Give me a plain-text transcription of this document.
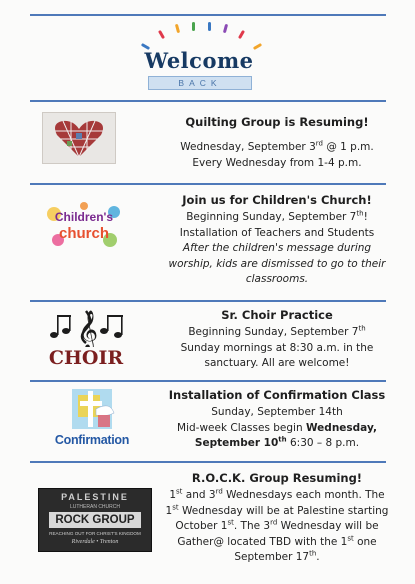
Welcome
BACK
Quilting Group is Resuming!

Wednesday, September 3rd @ 1 p.m.

Every Wednesday from 1-4 p.m.

Children's
church
Join us for Children's Church!

Beginning Sunday, September 7th!

Installation of Teachers and Students

After the children's message during worship, kids are dismissed to go to their classrooms.

𝄞
CHOIR
Sr. Choir Practice

Beginning Sunday, September 7th

Sunday mornings at 8:30 a.m. in the sanctuary. All are welcome!

Confirmation
Installation of Confirmation Class

Sunday, September 14th

Mid-week Classes begin Wednesday,

September 10th 6:30 – 8 p.m.

PALESTINE
LUTHERAN CHURCH
ROCK GROUP
REACHING OUT FOR CHRIST'S KINGDOM
Riverdale • Trenton
R.O.C.K. Group Resuming!

1st and 3rd Wednesdays each month. The 1st Wednesday will be at Palestine starting October 1st. The 3rd Wednesday will be Gather@ located TBD with the 1st one September 17th.
